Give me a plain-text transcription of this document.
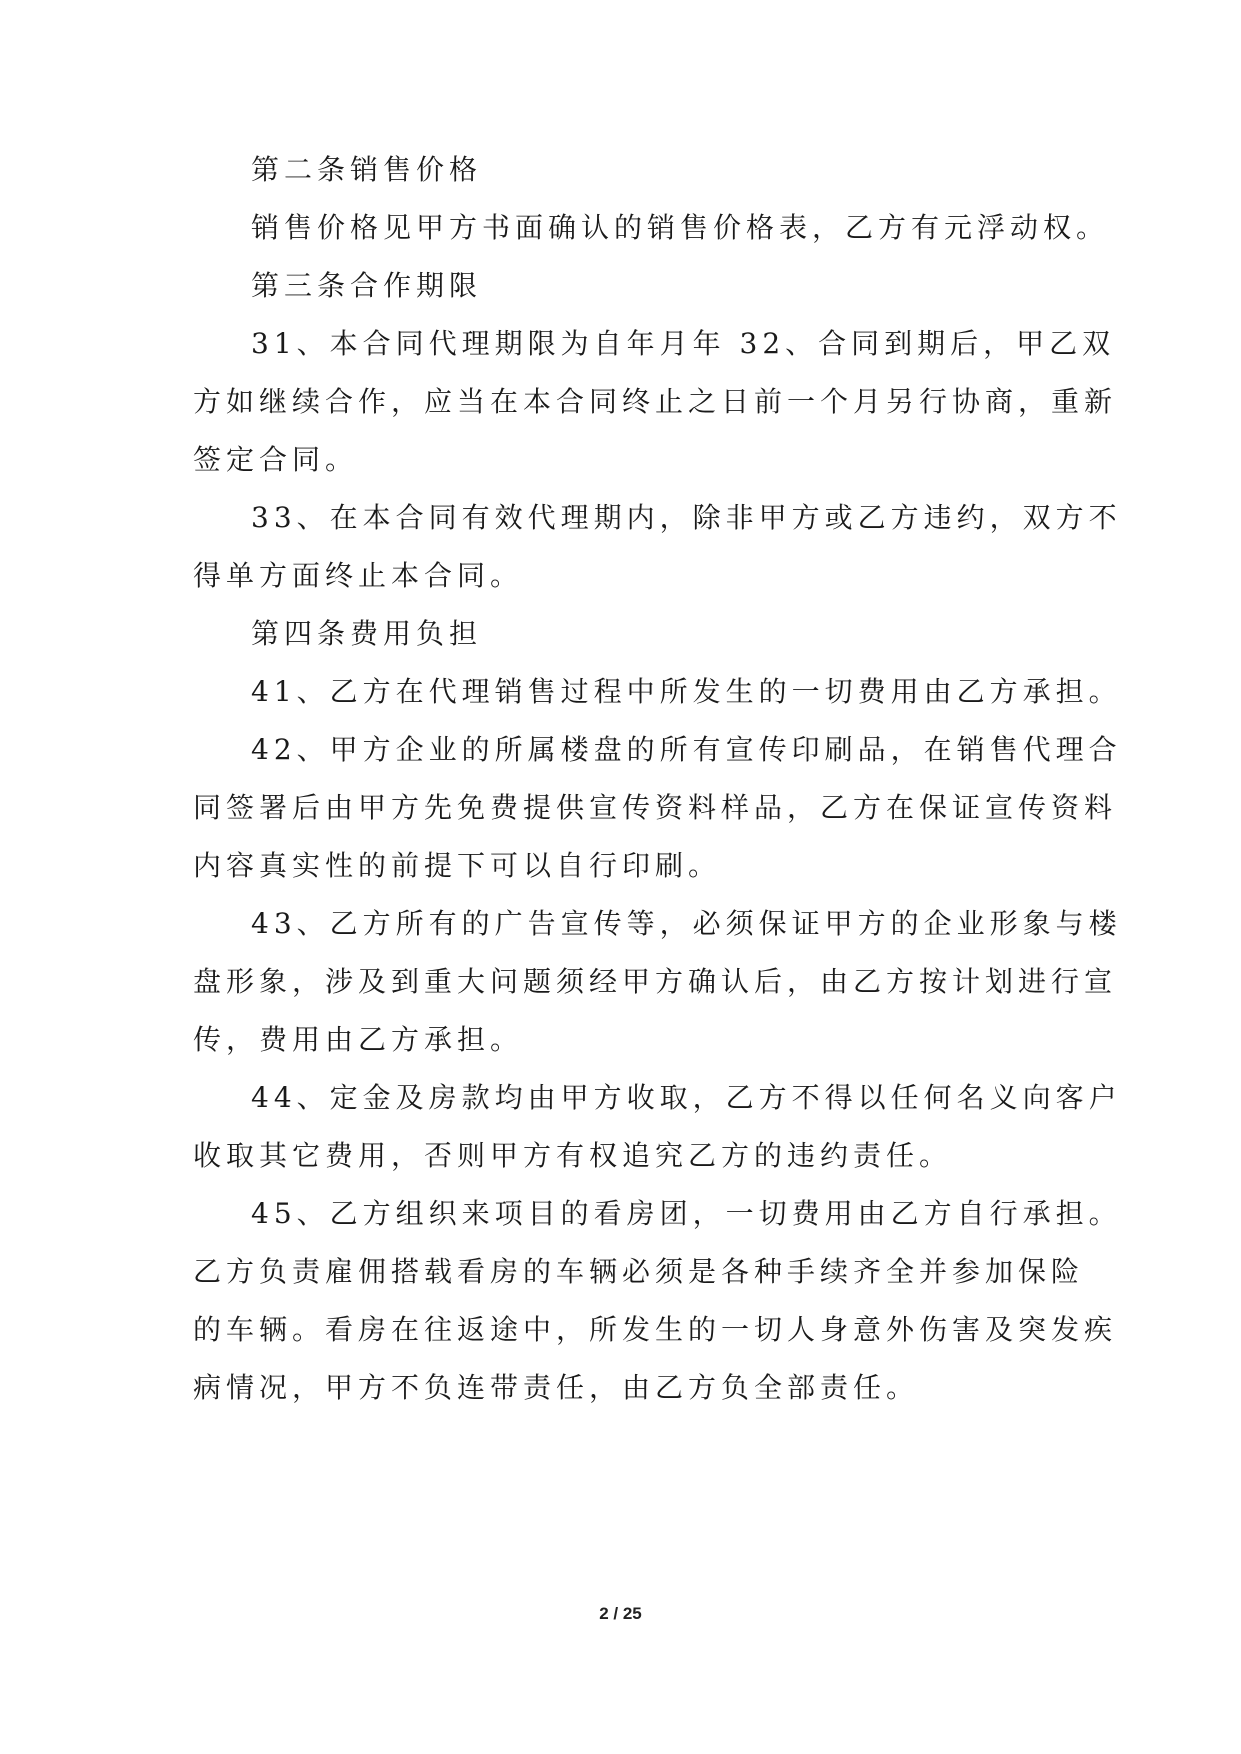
第二条销售价格
销售价格见甲方书面确认的销售价格表，乙方有元浮动权。
第三条合作期限
31、本合同代理期限为自年月年 32、合同到期后，甲乙双
方如继续合作，应当在本合同终止之日前一个月另行协商，重新
签定合同。
33、在本合同有效代理期内，除非甲方或乙方违约，双方不
得单方面终止本合同。
第四条费用负担
41、乙方在代理销售过程中所发生的一切费用由乙方承担。
42、甲方企业的所属楼盘的所有宣传印刷品，在销售代理合
同签署后由甲方先免费提供宣传资料样品，乙方在保证宣传资料
内容真实性的前提下可以自行印刷。
43、乙方所有的广告宣传等，必须保证甲方的企业形象与楼
盘形象，涉及到重大问题须经甲方确认后，由乙方按计划进行宣
传，费用由乙方承担。
44、定金及房款均由甲方收取，乙方不得以任何名义向客户
收取其它费用，否则甲方有权追究乙方的违约责任。
45、乙方组织来项目的看房团，一切费用由乙方自行承担。
乙方负责雇佣搭载看房的车辆必须是各种手续齐全并参加保险
的车辆。看房在往返途中，所发生的一切人身意外伤害及突发疾
病情况，甲方不负连带责任，由乙方负全部责任。
2 / 25
